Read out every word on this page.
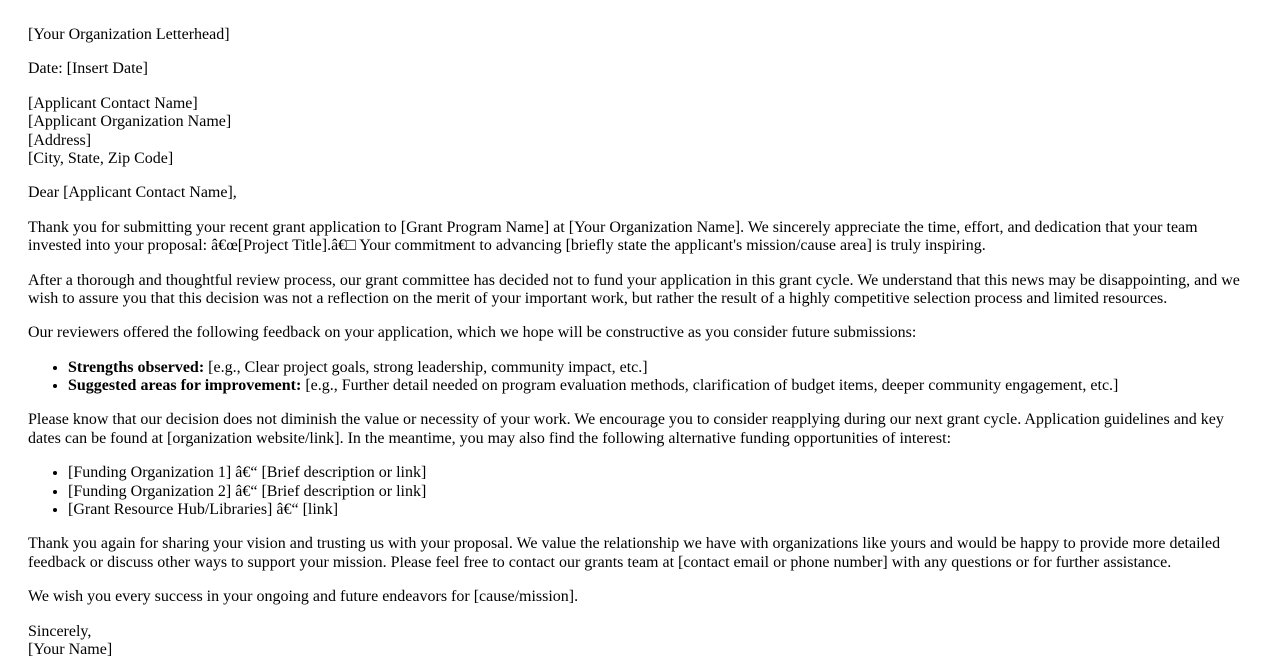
[Your Organization Letterhead]

Date: [Insert Date]

[Applicant Contact Name]
[Applicant Organization Name]
[Address]
[City, State, Zip Code]

Dear [Applicant Contact Name],

Thank you for submitting your recent grant application to [Grant Program Name] at [Your Organization Name]. We sincerely appreciate the time, effort, and dedication that your team invested into your proposal: â€œ[Project Title].â€□ Your commitment to advancing [briefly state the applicant's mission/cause area] is truly inspiring.

After a thorough and thoughtful review process, our grant committee has decided not to fund your application in this grant cycle. We understand that this news may be disappointing, and we wish to assure you that this decision was not a reflection on the merit of your important work, but rather the result of a highly competitive selection process and limited resources.

Our reviewers offered the following feedback on your application, which we hope will be constructive as you consider future submissions:

• Strengths observed: [e.g., Clear project goals, strong leadership, community impact, etc.]
• Suggested areas for improvement: [e.g., Further detail needed on program evaluation methods, clarification of budget items, deeper community engagement, etc.]

Please know that our decision does not diminish the value or necessity of your work. We encourage you to consider reapplying during our next grant cycle. Application guidelines and key dates can be found at [organization website/link]. In the meantime, you may also find the following alternative funding opportunities of interest:

• [Funding Organization 1] â€“ [Brief description or link]
• [Funding Organization 2] â€“ [Brief description or link]
• [Grant Resource Hub/Libraries] â€“ [link]

Thank you again for sharing your vision and trusting us with your proposal. We value the relationship we have with organizations like yours and would be happy to provide more detailed feedback or discuss other ways to support your mission. Please feel free to contact our grants team at [contact email or phone number] with any questions or for further assistance.

We wish you every success in your ongoing and future endeavors for [cause/mission].

Sincerely,
[Your Name]
